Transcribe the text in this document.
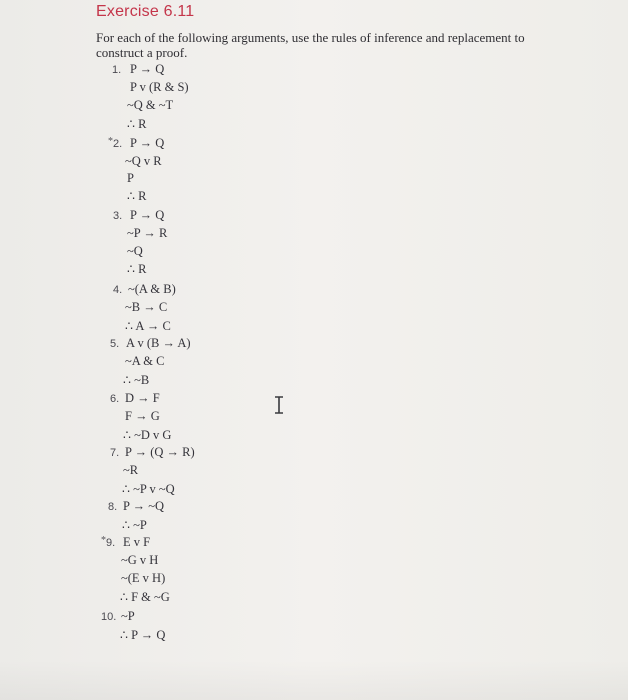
Exercise 6.11
For each of the following arguments, use the rules of inference and replacement to construct a proof.
1. P → Q
P v (R & S)
~Q & ~T
∴ R
* 2. P → Q
~Q v R
P
∴ R
3. P → Q
~P → R
~Q
∴ R
4. ~(A & B)
~B → C
∴ A → C
5. A v (B → A)
~A & C
∴ ~B
6. D → F
F → G
∴ ~D v G
7. P → (Q → R)
~R
∴ ~P v ~Q
8. P → ~Q
∴ ~P
* 9. E v F
~G v H
~(E v H)
∴ F & ~G
10. ~P
∴ P → Q
